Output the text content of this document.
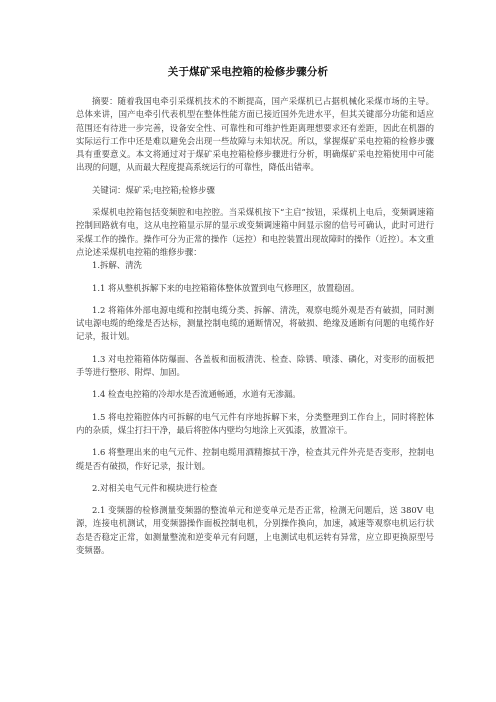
关于煤矿采电控箱的检修步骤分析

摘要：随着我国电牵引采煤机技术的不断提高，国产采煤机已占据机械化采煤市场的主导。总体来讲，国产电牵引代表机型在整体性能方面已接近国外先进水平，但其关键部分功能和适应范围还有待进一步完善，设备安全性、可靠性和可维护性距离理想要求还有差距，因此在机器的实际运行工作中还是难以避免会出现一些故障与未知状况。所以，掌握煤矿采电控箱的检修步骤具有重要意义。本文将通过对于煤矿采电控箱检修步骤进行分析，明确煤矿采电控箱使用中可能出现的问题，从而最大程度提高系统运行的可靠性，降低出错率。

关键词：煤矿采;电控箱;检修步骤

采煤机电控箱包括变频腔和电控腔。当采煤机按下“主启”按钮，采煤机上电后，变频调速箱控制回路就有电，这从电控箱显示屏的显示或变频调速箱中间显示窗的信号可确认，此时可进行采煤工作的操作。操作可分为正常的操作（远控）和电控装置出现故障时的操作（近控）。本文重点论述采煤机电控箱的维修步骤：

1.拆解、清洗

1.1 将从整机拆解下来的电控箱箱体整体放置到电气修理区，放置稳固。

1.2 将箱体外部电源电缆和控制电缆分类、拆解、清洗，观察电缆外观是否有破损，同时测试电源电缆的绝缘是否达标，测量控制电缆的通断情况，将破损、绝缘及通断有问题的电缆作好记录，报计划。

1.3 对电控箱箱体防爆面、各盖板和面板清洗、检查、除锈、喷漆、磷化，对变形的面板把手等进行整形、附焊、加固。

1.4 检查电控箱的冷却水是否流通畅通，水道有无渗漏。

1.5 将电控箱腔体内可拆解的电气元件有序地拆解下来，分类整理到工作台上，同时将腔体内的杂质，煤尘打扫干净，最后将腔体内壁均匀地涂上灭弧漆，放置凉干。

1.6 将整理出来的电气元件、控制电缆用酒精擦拭干净，检查其元件外壳是否变形，控制电缆是否有破损，作好记录，报计划。

2.对相关电气元件和模块进行检查

2.1 变频器的检修测量变频器的整流单元和逆变单元是否正常，检测无问题后，送 380V 电源，连接电机测试，用变频器操作面板控制电机，分别操作换向，加速，减速等观察电机运行状态是否稳定正常，如测量整流和逆变单元有问题，上电测试电机运转有异常，应立即更换原型号变频器。
